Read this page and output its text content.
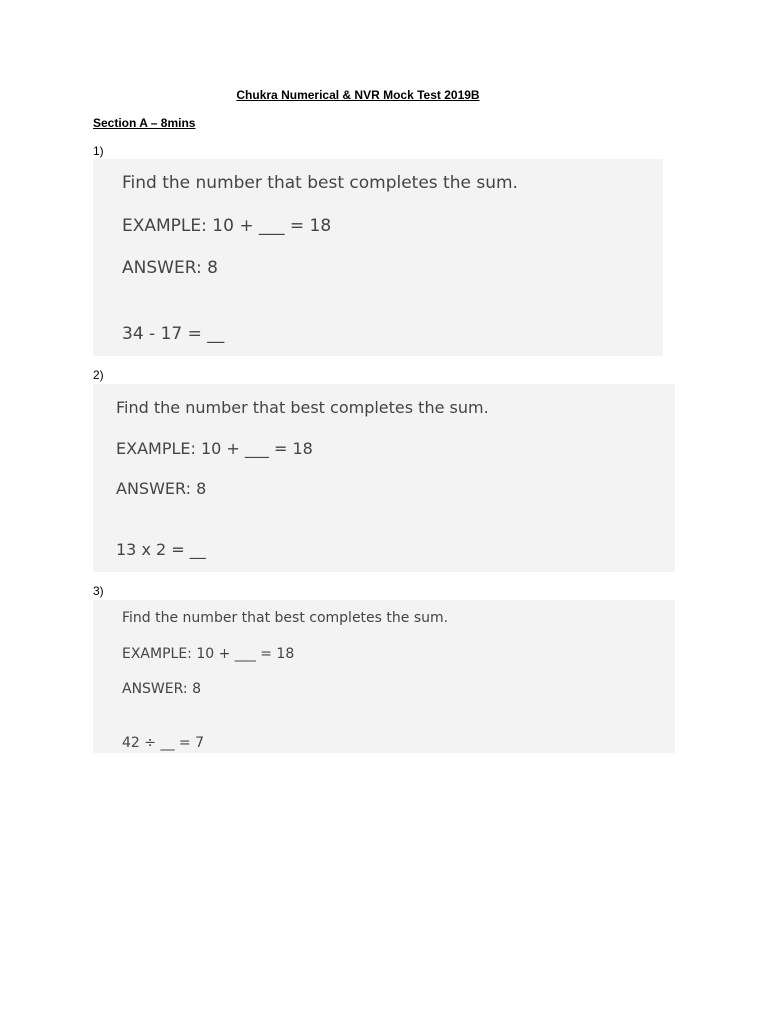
Chukra Numerical & NVR Mock Test 2019B
Section A – 8mins
1)
Find the number that best completes the sum.
EXAMPLE: 10 + ___ = 18
ANSWER: 8
34 - 17 = __
2)
Find the number that best completes the sum.
EXAMPLE: 10 + ___ = 18
ANSWER: 8
13 x 2 = __
3)
Find the number that best completes the sum.
EXAMPLE: 10 + ___ = 18
ANSWER: 8
42 ÷ __ = 7
